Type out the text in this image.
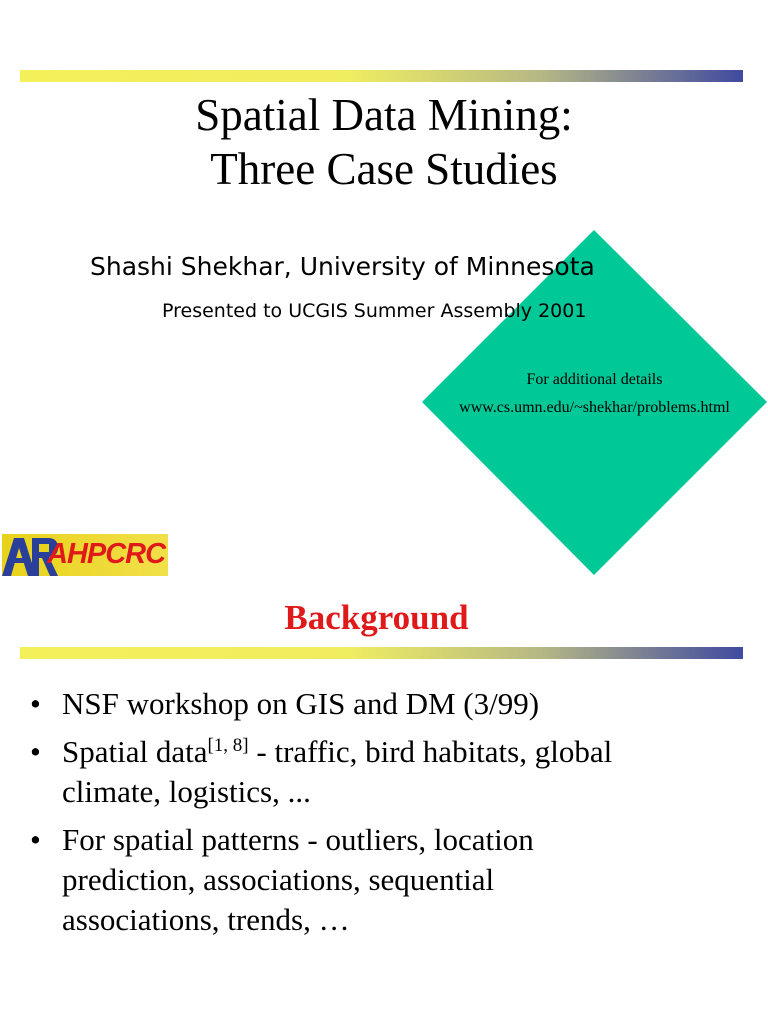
Spatial Data Mining:
Three Case Studies
For additional details
www.cs.umn.edu/~shekhar/problems.html
Shashi Shekhar, University of Minnesota
Presented to UCGIS Summer Assembly 2001
AHPCRC
Background
• NSF workshop on GIS and DM (3/99)
• Spatial data[1, 8] - traffic, bird habitats, global climate, logistics, ...
• For spatial patterns - outliers, location prediction, associations, sequential associations, trends, …
